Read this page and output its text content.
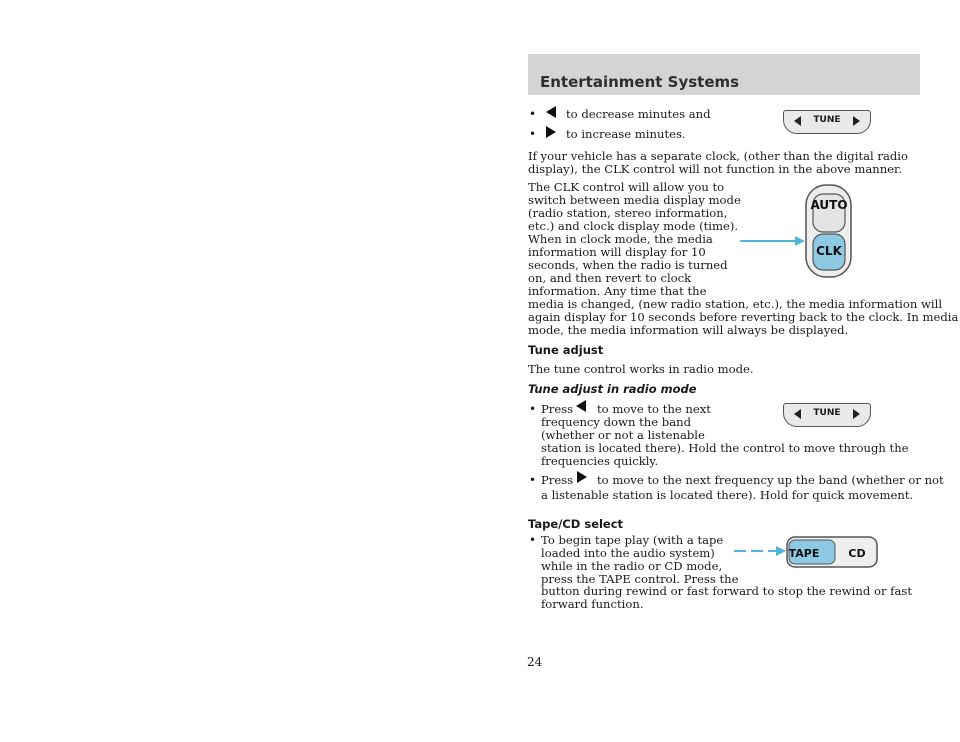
Entertainment Systems
•	to decrease minutes and
•	to increase minutes.
TUNE
If your vehicle has a separate clock, (other than the digital radio
display), the CLK control will not function in the above manner.
The CLK control will allow you to
switch between media display mode
(radio station, stereo information,
etc.) and clock display mode (time).
When in clock mode, the media
information will display for 10
seconds, when the radio is turned
on, and then revert to clock
information. Any time that the
media is changed, (new radio station, etc.), the media information will
again display for 10 seconds before reverting back to the clock. In media
mode, the media information will always be displayed.
AUTO
CLK
Tune adjust
The tune control works in radio mode.
Tune adjust in radio mode
• Press to move to the next
frequency down the band
(whether or not a listenable
station is located there). Hold the control to move through the
frequencies quickly.
TUNE
• Press to move to the next frequency up the band (whether or not
a listenable station is located there). Hold for quick movement.
Tape/CD select
• To begin tape play (with a tape
loaded into the audio system)
while in the radio or CD mode,
press the TAPE control. Press the
button during rewind or fast forward to stop the rewind or fast
forward function.
TAPE	CD
24
